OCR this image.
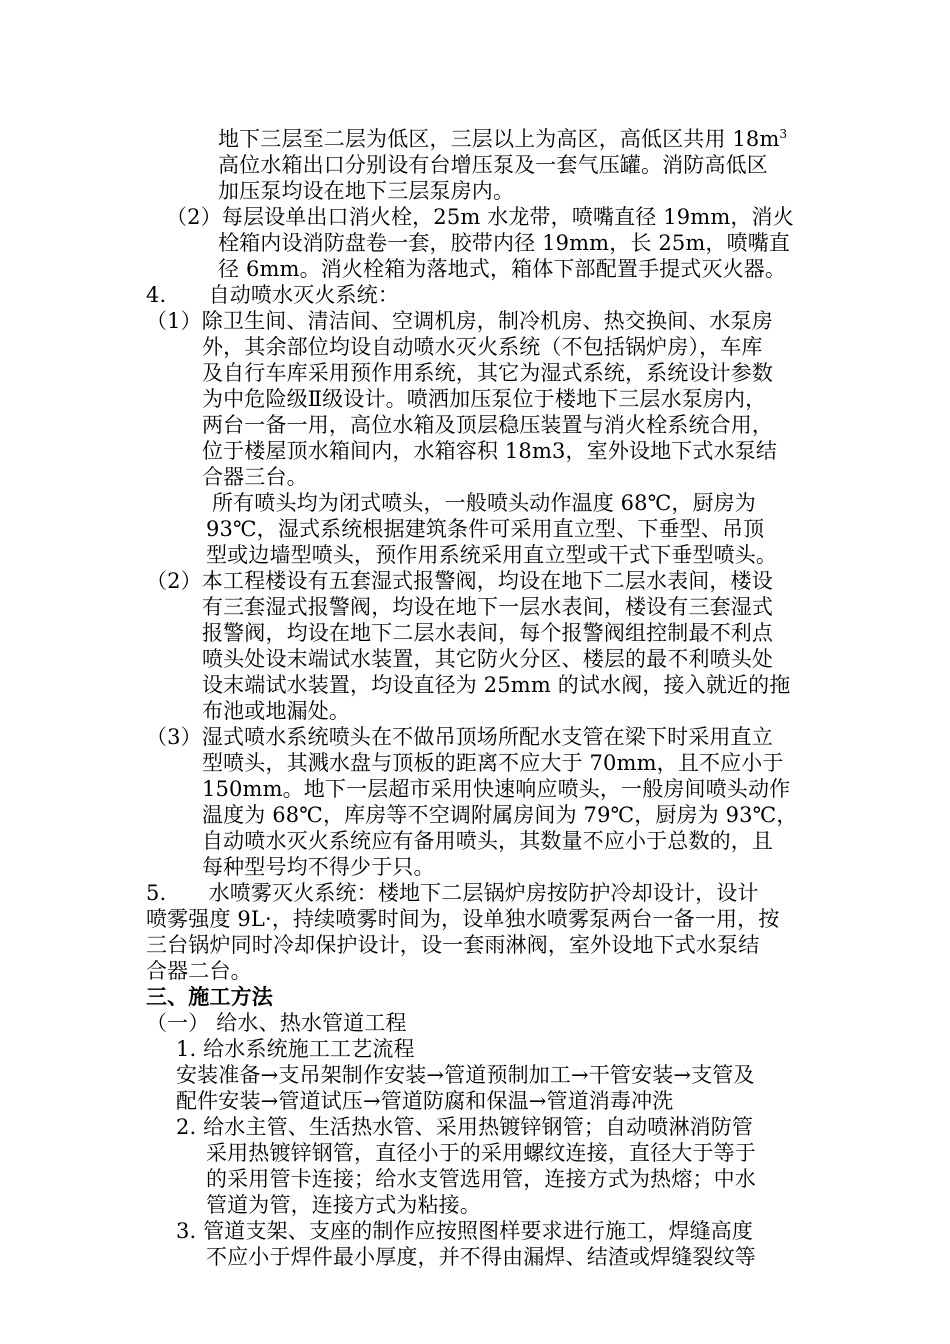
地下三层至二层为低区，三层以上为高区，高低区共用 $18m^3$
高位水箱出口分别设有台增压泵及一套气压罐。消防高低区
加压泵均设在地下三层泵房内。
（2）每层设单出口消火栓，25m 水龙带，喷嘴直径 19mm，消火
栓箱内设消防盘卷一套，胶带内径 19mm，长 25m，喷嘴直
径 6mm。消火栓箱为落地式，箱体下部配置手提式灭火器。
4.　　自动喷水灭火系统：
（1）除卫生间、清洁间、空调机房，制冷机房、热交换间、水泵房
外，其余部位均设自动喷水灭火系统（不包括锅炉房），车库
及自行车库采用预作用系统，其它为湿式系统，系统设计参数
为中危险级Ⅱ级设计。喷洒加压泵位于楼地下三层水泵房内，
两台一备一用，高位水箱及顶层稳压装置与消火栓系统合用，
位于楼屋顶水箱间内，水箱容积 18m3，室外设地下式水泵结
合器三台。
所有喷头均为闭式喷头，一般喷头动作温度 68℃，厨房为
93℃，湿式系统根据建筑条件可采用直立型、下垂型、吊顶
型或边墙型喷头，预作用系统采用直立型或干式下垂型喷头。
（2）本工程楼设有五套湿式报警阀，均设在地下二层水表间，楼设
有三套湿式报警阀，均设在地下一层水表间，楼设有三套湿式
报警阀，均设在地下二层水表间，每个报警阀组控制最不利点
喷头处设末端试水装置，其它防火分区、楼层的最不利喷头处
设末端试水装置，均设直径为 25mm 的试水阀，接入就近的拖
布池或地漏处。
（3）湿式喷水系统喷头在不做吊顶场所配水支管在梁下时采用直立
型喷头，其溅水盘与顶板的距离不应大于 70mm，且不应小于
150mm。地下一层超市采用快速响应喷头，一般房间喷头动作
温度为 68℃，库房等不空调附属房间为 79℃，厨房为 93℃，
自动喷水灭火系统应有备用喷头，其数量不应小于总数的，且
每种型号均不得少于只。
5.　　水喷雾灭火系统：楼地下二层锅炉房按防护冷却设计，设计
喷雾强度 9L·，持续喷雾时间为，设单独水喷雾泵两台一备一用，按
三台锅炉同时冷却保护设计，设一套雨淋阀，室外设地下式水泵结
合器二台。
三、施工方法
（一） 给水、热水管道工程
1. 给水系统施工工艺流程
安装准备→支吊架制作安装→管道预制加工→干管安装→支管及
配件安装→管道试压→管道防腐和保温→管道消毒冲洗
2. 给水主管、生活热水管、采用热镀锌钢管；自动喷淋消防管
采用热镀锌钢管，直径小于的采用螺纹连接，直径大于等于
的采用管卡连接；给水支管选用管，连接方式为热熔；中水
管道为管，连接方式为粘接。
3. 管道支架、支座的制作应按照图样要求进行施工，焊缝高度
不应小于焊件最小厚度，并不得由漏焊、结渣或焊缝裂纹等
